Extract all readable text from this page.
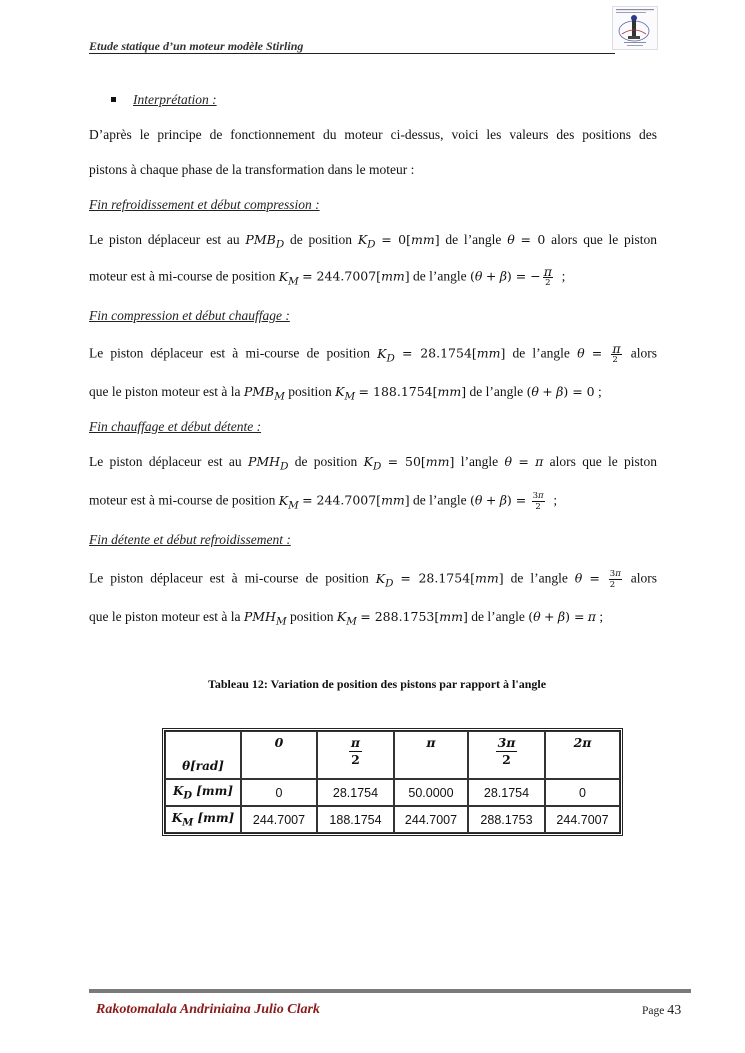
Etude statique d’un moteur modèle Stirling
Interprétation :
D’après le principe de fonctionnement du moteur ci-dessus, voici les valeurs des positions des
pistons à chaque phase de la transformation dans le moteur :
Fin refroidissement et début compression :
Le piston déplaceur est au $PMB_D$ de position $K_D = 0[mm]$ de l’angle θ = 0 alors que le piston
moteur est à mi-course de position $K_M = 244.7007[mm]$ de l’angle (θ + β) = − $\frac{\pi}{2}$ ;
Fin compression et début chauffage :
Le piston déplaceur est à mi-course de position $K_D = 28.1754[mm]$ de l’angle $\theta = \frac{\pi}{2}$ alors
que le piston moteur est à la $PMB_M$ position $K_M = 188.1754[mm]$ de l’angle (θ + β) = 0 ;
Fin chauffage et début détente :
Le piston déplaceur est au $PMH_D$ de position $K_D = 50[mm]$ l’angle θ = π alors que le piston
moteur est à mi-course de position $K_M = 244.7007[mm]$ de l’angle $(\theta + \beta) = \frac{3\pi}{2}$ ;
Fin détente et début refroidissement :
Le piston déplaceur est à mi-course de position $K_D = 28.1754[mm]$ de l’angle $\theta = \frac{3\pi}{2}$ alors
que le piston moteur est à la $PMH_M$ position $K_M = 288.1753[mm]$ de l’angle (θ + β) = π ;
Tableau 12: Variation de position des pistons par rapport à l'angle
θ[rad]	0	$\frac{\pi}{2}$	π	$\frac{3\pi}{2}$	2π
$K_D$ [mm]	0	28.1754	50.0000	28.1754	0
$K_M$ [mm]	244.7007	188.1754	244.7007	288.1753	244.7007
Rakotomalala Andriniaina Julio Clark	Page 43
